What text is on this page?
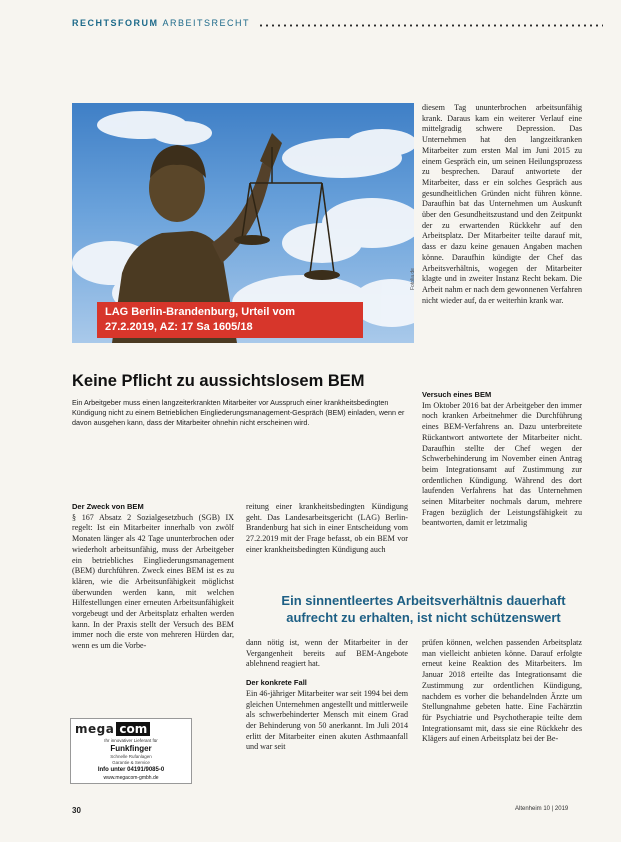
RECHTSFORUM ARBEITSRECHT
LAG Berlin-Brandenburg, Urteil vom
27.2.2019, AZ: 17 Sa 1605/18
Fotolia.de

diesem Tag ununterbrochen arbeitsunfähig krank. Daraus kam ein weiterer Verlauf eine mittelgradig schwere Depression. Das Unternehmen hat den langzeitkranken Mitarbeiter zum ersten Mal im Juni 2015 zu einem Gespräch ein, um seinen Heilungsprozess zu besprechen. Darauf antwortete der Mitarbeiter, dass er ein solches Gespräch aus gesundheitlichen Gründen nicht führen könne. Daraufhin bat das Unternehmen um Auskunft über den Gesundheitszustand und den Zeitpunkt der zu erwartenden Rückkehr auf den Arbeitsplatz. Der Mitarbeiter teilte darauf mit, dass er dazu keine genauen Angaben machen könne. Daraufhin kündigte der Chef das Arbeitsverhältnis, wogegen der Mitarbeiter klagte und in zweiter Instanz Recht bekam. Die Arbeit nahm er nach dem gewonnenen Verfahren nicht wieder auf, da er weiterhin krank war.

Keine Pflicht zu aussichtslosem BEM
Ein Arbeitgeber muss einen langzeiterkrankten Mitarbeiter vor Ausspruch einer krankheitsbedingten Kündigung nicht zu einem Betrieblichen Eingliederungsmanagement-Gespräch (BEM) einladen, wenn er davon ausgehen kann, dass der Mitarbeiter ohnehin nicht erscheinen wird.
Versuch eines BEM

Im Oktober 2016 bat der Arbeitgeber den immer noch kranken Arbeitnehmer die Durchführung eines BEM-Verfahrens an. Dazu unterbreitete Rückantwort antwortete der Mitarbeiter nicht. Daraufhin stellte der Chef wegen der Schwerbehinderung im November einen Antrag beim Integrationsamt auf Zustimmung zur ordentlichen Kündigung. Während des dort laufenden Verfahrens hat das Unternehmen seinen Mitarbeiter nochmals darum, mehrere Fragen bezüglich der Leistungsfähigkeit zu beantworten, damit er letztmalig

Der Zweck von BEM

§ 167 Absatz 2 Sozialgesetzbuch (SGB) IX regelt: Ist ein Mitarbeiter innerhalb von zwölf Monaten länger als 42 Tage ununterbrochen oder wiederholt arbeitsunfähig, muss der Arbeitgeber ein betriebliches Eingliederungsmanagement (BEM) durchführen. Zweck eines BEM ist es zu klären, wie die Arbeitsunfähigkeit möglichst überwunden werden kann, mit welchen Hilfestellungen einer erneuten Arbeitsunfähigkeit vorgebeugt und der Arbeitsplatz erhalten werden kann. In der Praxis stellt der Versuch des BEM immer noch die erste von mehreren Hürden dar, wenn es um die Vorbe-

reitung einer krankheitsbedingten Kündigung geht. Das Landesarbeitsgericht (LAG) Berlin-Brandenburg hat sich in einer Entscheidung vom 27.2.2019 mit der Frage befasst, ob ein BEM vor einer krankheitsbedingten Kündigung auch

Ein sinnentleertes Arbeitsverhältnis dauerhaft
aufrecht zu erhalten, ist nicht schützenswert

dann nötig ist, wenn der Mitarbeiter in der Vergangenheit bereits auf BEM-Angebote ablehnend reagiert hat.

Der konkrete Fall

Ein 46-jähriger Mitarbeiter war seit 1994 bei dem gleichen Unternehmen angestellt und mittlerweile als schwerbehinderter Mensch mit einem Grad der Behinderung von 50 anerkannt. Im Juli 2014 erlitt der Mitarbeiter einen akuten Asthmaanfall und war seit

prüfen können, welchen passenden Arbeitsplatz man vielleicht anbieten könne. Darauf erfolgte erneut keine Reaktion des Mitarbeiters. Im Januar 2018 erteilte das Integrationsamt die Zustimmung zur ordentlichen Kündigung, nachdem es vorher die behandelnden Ärzte um Stellungnahme gebeten hatte. Eine Fachärztin für Psychiatrie und Psychotherapie teilte dem Integrationsamt mit, dass sie eine Rückkehr des Klägers auf einen Arbeitsplatz bei der Be-

mega com
Ihr innovativer Lieferant für
Funkfinger
Schnelle Rufanlagen
Garantie & Service
Info unter 04191/9085-0
www.megacom-gmbh.de
30	Altenheim 10 | 2019
